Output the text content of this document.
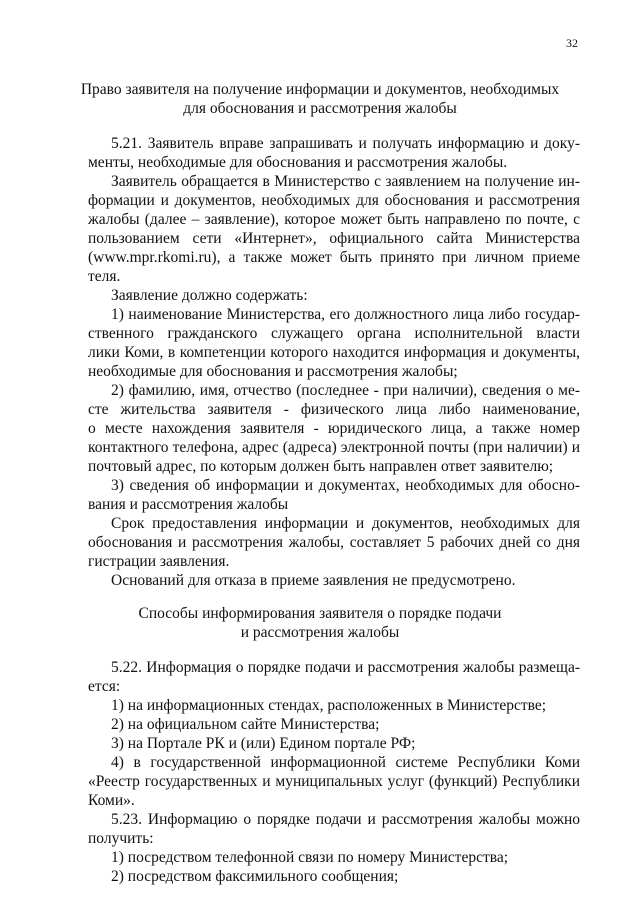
32
Право заявителя на получение информации и документов, необходимых
для обоснования и рассмотрения жалобы
5.21. Заявитель вправе запрашивать и получать информацию и доку-
менты, необходимые для обоснования и рассмотрения жалобы.
Заявитель обращается в Министерство с заявлением на получение ин-
формации и документов, необходимых для обоснования и рассмотрения
жалобы (далее – заявление), которое может быть направлено по почте, с
пользованием сети «Интернет», официального сайта Министерства
(www.mpr.rkomi.ru), а также может быть принято при личном приеме
теля.
Заявление должно содержать:
1) наименование Министерства, его должностного лица либо государ-
ственного гражданского служащего органа исполнительной власти
лики Коми, в компетенции которого находится информация и документы,
необходимые для обоснования и рассмотрения жалобы;
2) фамилию, имя, отчество (последнее - при наличии), сведения о ме-
сте жительства заявителя - физического лица либо наименование,
о месте нахождения заявителя - юридического лица, а также номер
контактного телефона, адрес (адреса) электронной почты (при наличии) и
почтовый адрес, по которым должен быть направлен ответ заявителю;
3) сведения об информации и документах, необходимых для обосно-
вания и рассмотрения жалобы
Срок предоставления информации и документов, необходимых для
обоснования и рассмотрения жалобы, составляет 5 рабочих дней со дня
гистрации заявления.
Оснований для отказа в приеме заявления не предусмотрено.
Способы информирования заявителя о порядке подачи
и рассмотрения жалобы
5.22. Информация о порядке подачи и рассмотрения жалобы размеща-
ется:
1) на информационных стендах, расположенных в Министерстве;
2) на официальном сайте Министерства;
3) на Портале РК и (или) Едином портале РФ;
4) в государственной информационной системе Республики Коми
«Реестр государственных и муниципальных услуг (функций) Республики
Коми».
5.23. Информацию о порядке подачи и рассмотрения жалобы можно
получить:
1) посредством телефонной связи по номеру Министерства;
2) посредством факсимильного сообщения;
